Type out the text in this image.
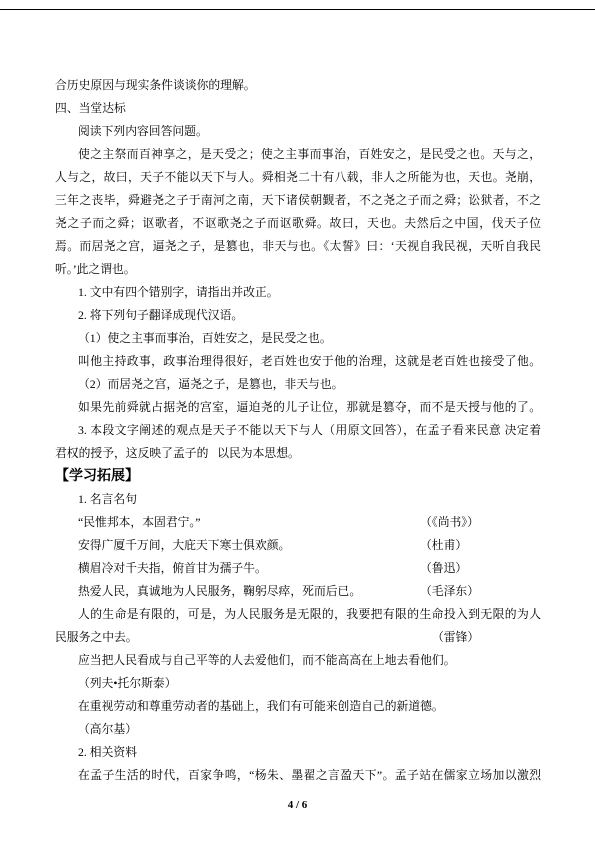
合历史原因与现实条件谈谈你的理解。
四、当堂达标
阅读下列内容回答问题。
使之主祭而百神享之，是天受之；使之主事而事治，百姓安之，是民受之也。天与之，
人与之，故曰，天子不能以天下与人。舜相尧二十有八载，非人之所能为也，天也。尧崩，
三年之丧毕，舜避尧之子于南河之南，天下诸侯朝觐者，不之尧之子而之舜；讼狱者，不之
尧之子而之舜；讴歌者，不讴歌尧之子而讴歌舜。故曰，天也。夫然后之中国，伐天子位
焉。而居尧之宫，逼尧之子，是篡也，非天与也。《太誓》曰：‘天视自我民视，天听自我民
听。’此之谓也。
1. 文中有四个错别字，请指出并改正。
2. 将下列句子翻译成现代汉语。
（1）使之主事而事治，百姓安之，是民受之也。
叫他主持政事，政事治理得很好，老百姓也安于他的治理，这就是老百姓也接受了他。
（2）而居尧之宫，逼尧之子，是篡也，非天与也。
如果先前舜就占据尧的宫室，逼迫尧的儿子让位，那就是篡夺，而不是天授与他的了。
3. 本段文字阐述的观点是天子不能以天下与人（用原文回答），在孟子看来民意 决定着
君权的授予，这反映了孟子的   以民为本思想。
【学习拓展】
1. 名言名句
“民惟邦本，本固君宁。”	（《尚书》）
安得广厦千万间，大庇天下寒士俱欢颜。	（杜甫）
横眉冷对千夫指，俯首甘为孺子牛。	（鲁迅）
热爱人民，真诚地为人民服务，鞠躬尽瘁，死而后已。	（毛泽东）
人的生命是有限的，可是，为人民服务是无限的，我要把有限的生命投入到无限的为人
民服务之中去。	（雷锋）
应当把人民看成与自己平等的人去爱他们，而不能高高在上地去看他们。
（列夫•托尔斯泰）
在重视劳动和尊重劳动者的基础上，我们有可能来创造自己的新道德。
（高尔基）
2. 相关资料
在孟子生活的时代，百家争鸣，“杨朱、墨翟之言盈天下”。孟子站在儒家立场加以激烈
4 / 6
